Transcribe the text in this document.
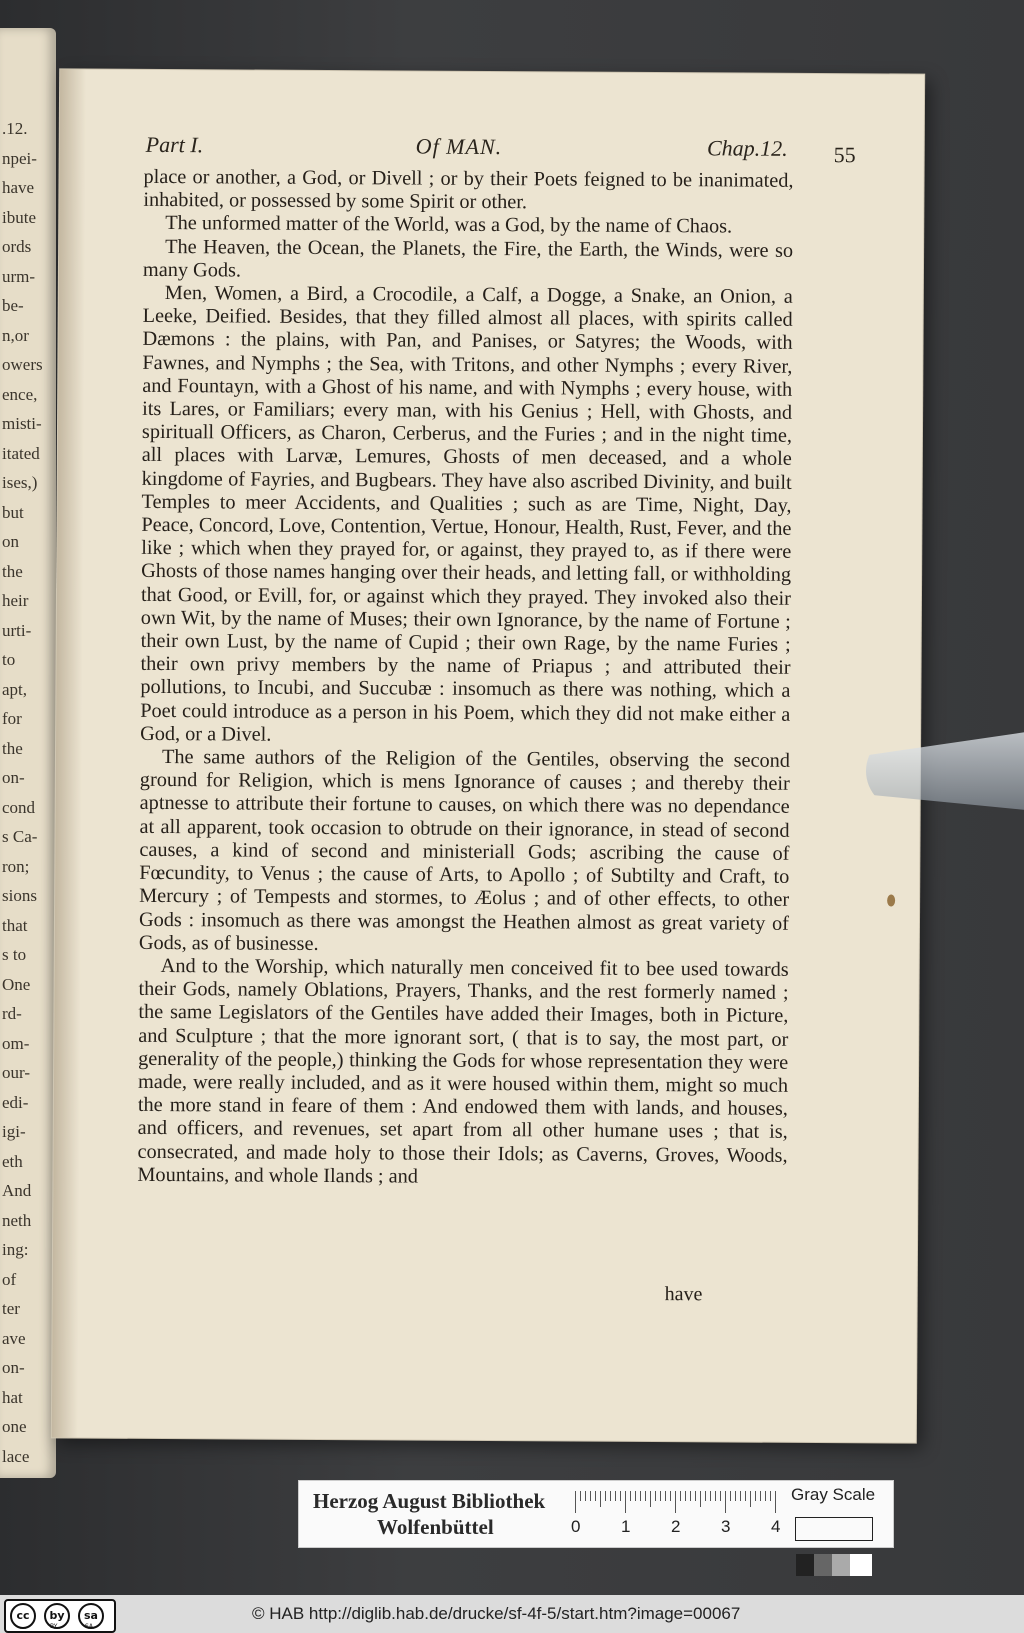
.12.
npei-
have
ibute
ords
urm-
be-
n,or
owers
ence,
misti-
itated
ises,)
but
on
the
heir
urti-
to
apt,
for
the
on-
cond
s Ca-
ron;
sions
that
s to
One
rd-
om-
our-
edi-
igi-
eth
And
neth
ing:
of
ter
ave
on-
hat
one
lace
Part I.	Of MAN.	Chap.12. 55

place or another, a God, or Divell ; or by their Poets feigned to be inanimated, inhabited, or possessed by some Spirit or other.

The unformed matter of the World, was a God, by the name of Chaos.

The Heaven, the Ocean, the Planets, the Fire, the Earth, the Winds, were so many Gods.

Men, Women, a Bird, a Crocodile, a Calf, a Dogge, a Snake, an Onion, a Leeke, Deified. Besides, that they filled almost all places, with spirits called Dæmons : the plains, with Pan, and Panises, or Satyres; the Woods, with Fawnes, and Nymphs ; the Sea, with Tritons, and other Nymphs ; every River, and Fountayn, with a Ghost of his name, and with Nymphs ; every house, with its Lares, or Familiars; every man, with his Genius ; Hell, with Ghosts, and spirituall Officers, as Charon, Cerberus, and the Furies ; and in the night time, all places with Larvæ, Lemures, Ghosts of men deceased, and a whole kingdome of Fayries, and Bugbears. They have also ascribed Divinity, and built Temples to meer Accidents, and Qualities ; such as are Time, Night, Day, Peace, Concord, Love, Contention, Vertue, Honour, Health, Rust, Fever, and the like ; which when they prayed for, or against, they prayed to, as if there were Ghosts of those names hanging over their heads, and letting fall, or withholding that Good, or Evill, for, or against which they prayed. They invoked also their own Wit, by the name of Muses; their own Ignorance, by the name of Fortune ; their own Lust, by the name of Cupid ; their own Rage, by the name Furies ; their own privy members by the name of Priapus ; and attributed their pollutions, to Incubi, and Succubæ : insomuch as there was nothing, which a Poet could introduce as a person in his Poem, which they did not make either a God, or a Divel.

The same authors of the Religion of the Gentiles, observing the second ground for Religion, which is mens Ignorance of causes ; and thereby their aptnesse to attribute their fortune to causes, on which there was no dependance at all apparent, took occasion to obtrude on their ignorance, in stead of second causes, a kind of second and ministeriall Gods; ascribing the cause of Fœcundity, to Venus ; the cause of Arts, to Apollo ; of Subtilty and Craft, to Mercury ; of Tempests and stormes, to Æolus ; and of other effects, to other Gods : insomuch as there was amongst the Heathen almost as great variety of Gods, as of businesse.

And to the Worship, which naturally men conceived fit to bee used towards their Gods, namely Oblations, Prayers, Thanks, and the rest formerly named ; the same Legislators of the Gentiles have added their Images, both in Picture, and Sculpture ; that the more ignorant sort, ( that is to say, the most part, or generality of the people,) thinking the Gods for whose representation they were made, were really included, and as it were housed within them, might so much the more stand in feare of them : And endowed them with lands, and houses, and officers, and revenues, set apart from all other humane uses ; that is, consecrated, and made holy to those their Idols; as Caverns, Groves, Woods, Mountains, and whole Ilands ; and

have
Herzog August Bibliothek
Wolfenbüttel	0 1 2 3 4
Gray Scale
cc	by	sa
BY	SA
© HAB http://diglib.hab.de/drucke/sf-4f-5/start.htm?image=00067
